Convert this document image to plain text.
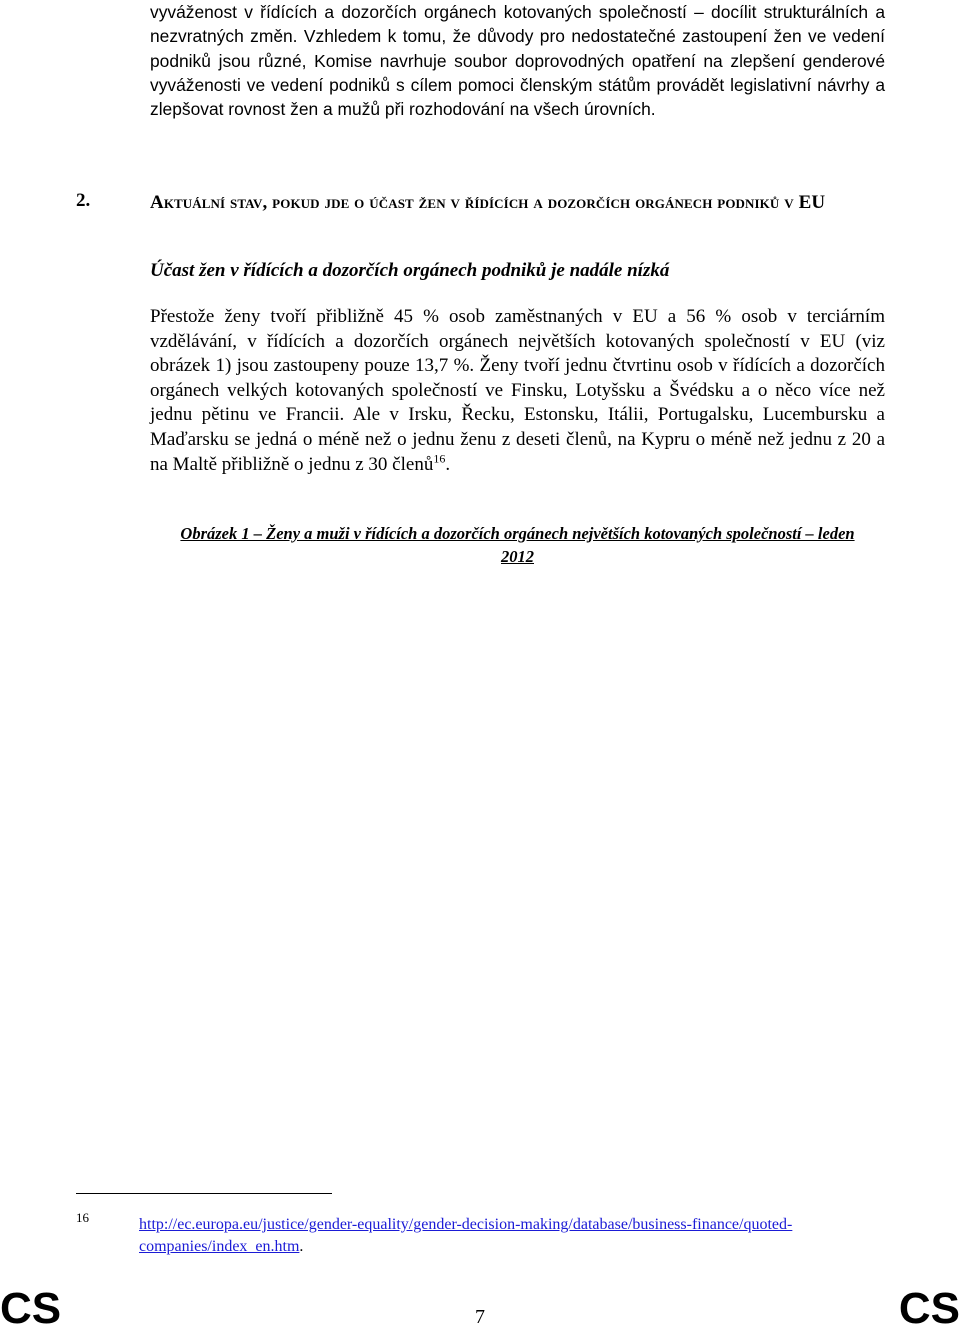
vyváženost v řídících a dozorčích orgánech kotovaných společností – docílit strukturálních a nezvratných změn. Vzhledem k tomu, že důvody pro nedostatečné zastoupení žen ve vedení podniků jsou různé, Komise navrhuje soubor doprovodných opatření na zlepšení genderové vyváženosti ve vedení podniků s cílem pomoci členským státům provádět legislativní návrhy a zlepšovat rovnost žen a mužů při rozhodování na všech úrovních.
2.	Aktuální stav, pokud jde o účast žen v řídících a dozorčích orgánech podniků v EU
Účast žen v řídících a dozorčích orgánech podniků je nadále nízká
Přestože ženy tvoří přibližně 45 % osob zaměstnaných v EU a 56 % osob v terciárním vzdělávání, v řídících a dozorčích orgánech největších kotovaných společností v EU (viz obrázek 1) jsou zastoupeny pouze 13,7 %. Ženy tvoří jednu čtvrtinu osob v řídících a dozorčích orgánech velkých kotovaných společností ve Finsku, Lotyšsku a Švédsku a o něco více než jednu pětinu ve Francii. Ale v Irsku, Řecku, Estonsku, Itálii, Portugalsku, Lucembursku a Maďarsku se jedná o méně než o jednu ženu z deseti členů, na Kypru o méně než jednu z 20 a na Maltě přibližně o jednu z 30 členů$^{16}$.
Obrázek 1 – Ženy a muži v řídících a dozorčích orgánech největších kotovaných společností – leden
2012
16	http://ec.europa.eu/justice/gender-equality/gender-decision-making/database/business-finance/quoted-companies/index_en.htm.
CS	7	CS
